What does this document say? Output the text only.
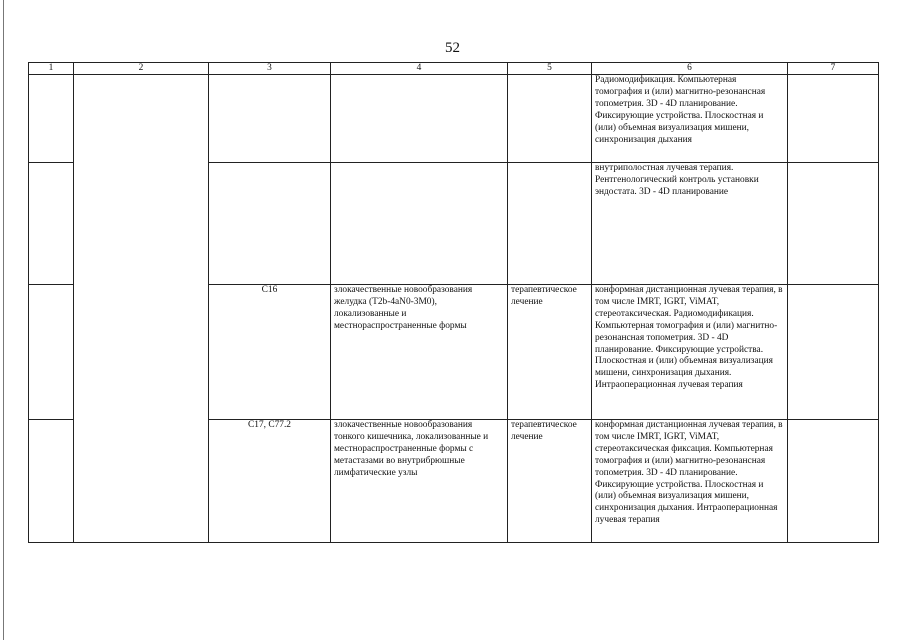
52
1	2	3	4	5	6	7
					Радиомодификация. Компьютерная томография и (или) магнитно-резонансная топометрия. 3D - 4D планирование. Фиксирующие устройства. Плоскостная и (или) объемная визуализация мишени, синхронизация дыхания	
					внутриполостная лучевая терапия. Рентгенологический контроль установки эндостата. 3D - 4D планирование	
		C16	злокачественные новообразования желудка (T2b-4aN0-3M0), локализованные и местнораспространенные формы	терапевтическое лечение	конформная дистанционная лучевая терапия, в том числе IMRT, IGRT, ViMAT, стереотаксическая. Радиомодификация. Компьютерная томография и (или) магнитно-резонансная топометрия. 3D - 4D планирование. Фиксирующие устройства. Плоскостная и (или) объемная визуализация мишени, синхронизация дыхания. Интраоперационная лучевая терапия	
		C17, C77.2	злокачественные новообразования тонкого кишечника, локализованные и местнораспространенные формы с метастазами во внутрибрюшные лимфатические узлы	терапевтическое лечение	конформная дистанционная лучевая терапия, в том числе IMRT, IGRT, ViMAT, стереотаксическая фиксация. Компьютерная томография и (или) магнитно-резонансная топометрия. 3D - 4D планирование. Фиксирующие устройства. Плоскостная и (или) объемная визуализация мишени, синхронизация дыхания. Интраоперационная лучевая терапия	
